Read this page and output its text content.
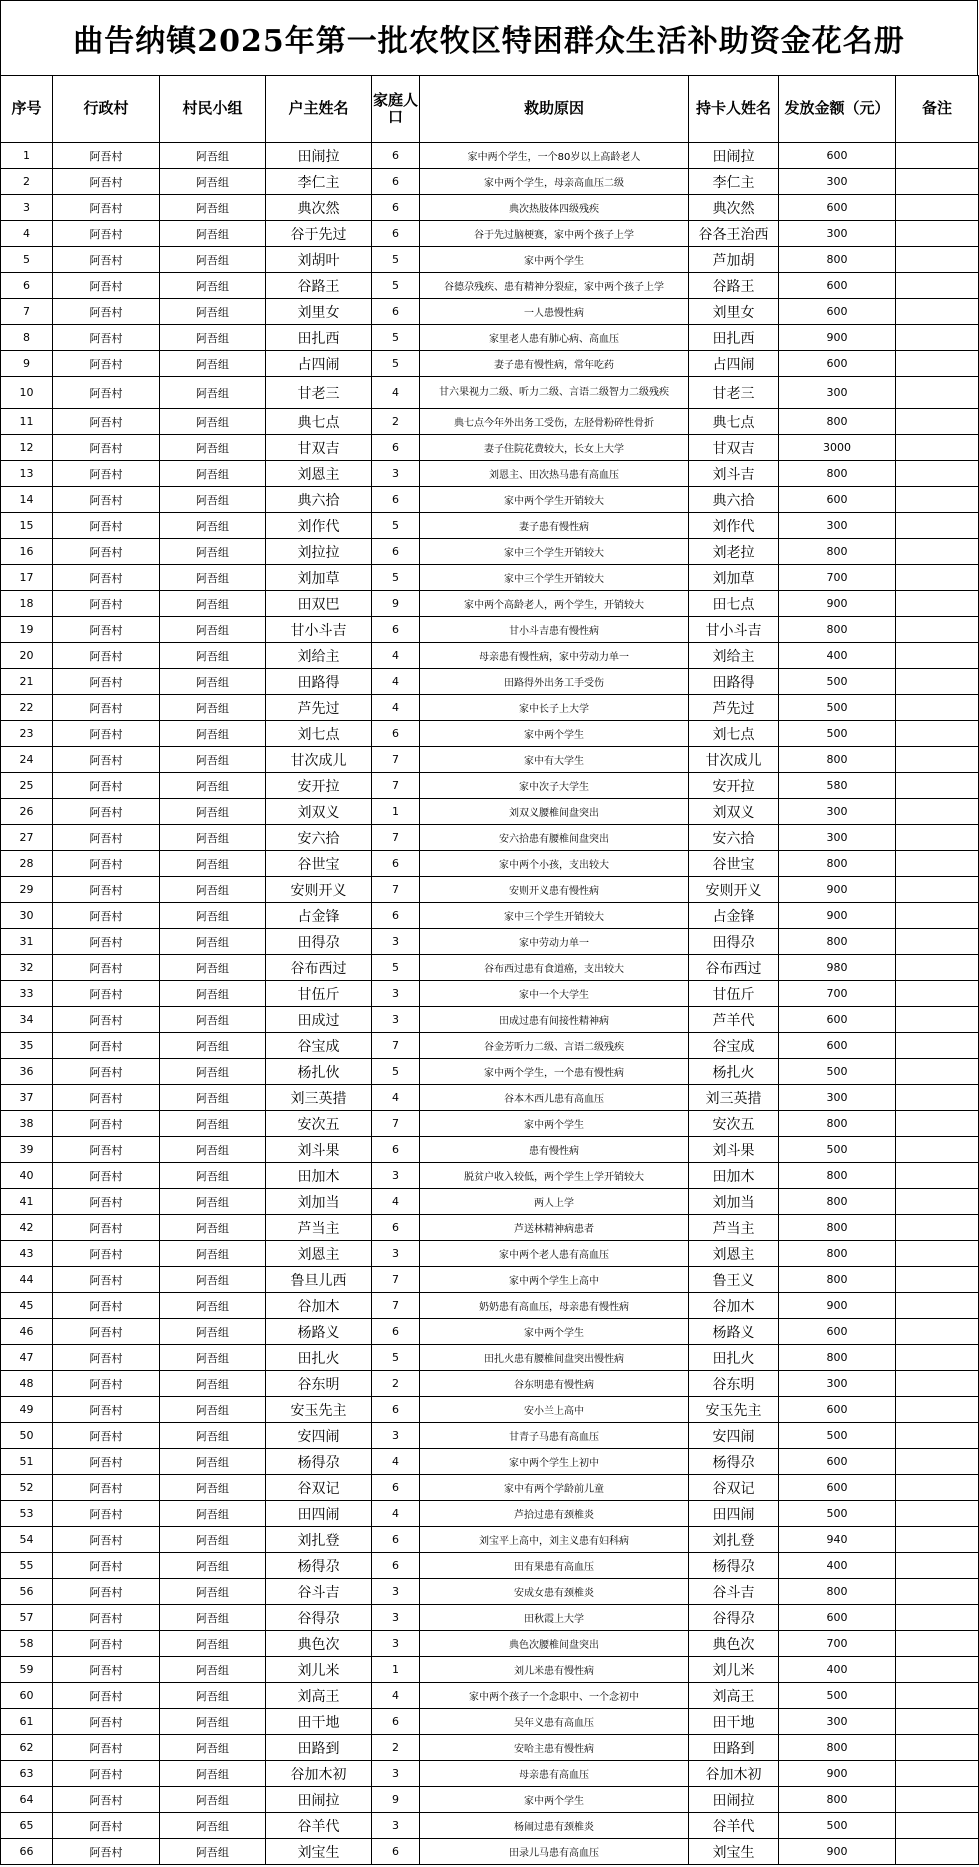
曲告纳镇2025年第一批农牧区特困群众生活补助资金花名册
序号	行政村	村民小组	户主姓名	家庭人口	救助原因	持卡人姓名	发放金额（元）	备注
1	阿吾村	阿吾组	田闹拉	6	家中两个学生，一个80岁以上高龄老人	田闹拉	600	
2	阿吾村	阿吾组	李仁主	6	家中两个学生，母亲高血压二级	李仁主	300	
3	阿吾村	阿吾组	典次然	6	典次热肢体四级残疾	典次然	600	
4	阿吾村	阿吾组	谷于先过	6	谷于先过脑梗赛，家中两个孩子上学	谷各王治西	300	
5	阿吾村	阿吾组	刘胡叶	5	家中两个学生	芦加胡	800	
6	阿吾村	阿吾组	谷路王	5	谷德尕残疾、患有精神分裂症，家中两个孩子上学	谷路王	600	
7	阿吾村	阿吾组	刘里女	6	一人患慢性病	刘里女	600	
8	阿吾村	阿吾组	田扎西	5	家里老人患有肺心病、高血压	田扎西	900	
9	阿吾村	阿吾组	占四闹	5	妻子患有慢性病，常年吃药	占四闹	600	
10	阿吾村	阿吾组	甘老三	4	甘六果视力二级、听力二级、言语二级智力二级残疾	甘老三	300	
11	阿吾村	阿吾组	典七点	2	典七点今年外出务工受伤，左胫骨粉碎性骨折	典七点	800	
12	阿吾村	阿吾组	甘双吉	6	妻子住院花费较大，长女上大学	甘双吉	3000	
13	阿吾村	阿吾组	刘恩主	3	刘恩主、田次热马患有高血压	刘斗吉	800	
14	阿吾村	阿吾组	典六拾	6	家中两个学生开销较大	典六拾	600	
15	阿吾村	阿吾组	刘作代	5	妻子患有慢性病	刘作代	300	
16	阿吾村	阿吾组	刘拉拉	6	家中三个学生开销较大	刘老拉	800	
17	阿吾村	阿吾组	刘加草	5	家中三个学生开销较大	刘加草	700	
18	阿吾村	阿吾组	田双巴	9	家中两个高龄老人，两个学生，开销较大	田七点	900	
19	阿吾村	阿吾组	甘小斗吉	6	甘小斗吉患有慢性病	甘小斗吉	800	
20	阿吾村	阿吾组	刘给主	4	母亲患有慢性病，家中劳动力单一	刘给主	400	
21	阿吾村	阿吾组	田路得	4	田路得外出务工手受伤	田路得	500	
22	阿吾村	阿吾组	芦先过	4	家中长子上大学	芦先过	500	
23	阿吾村	阿吾组	刘七点	6	家中两个学生	刘七点	500	
24	阿吾村	阿吾组	甘次成儿	7	家中有大学生	甘次成儿	800	
25	阿吾村	阿吾组	安开拉	7	家中次子大学生	安开拉	580	
26	阿吾村	阿吾组	刘双义	1	刘双义腰椎间盘突出	刘双义	300	
27	阿吾村	阿吾组	安六拾	7	安六拾患有腰椎间盘突出	安六拾	300	
28	阿吾村	阿吾组	谷世宝	6	家中两个小孩，支出较大	谷世宝	800	
29	阿吾村	阿吾组	安则开义	7	安则开义患有慢性病	安则开义	900	
30	阿吾村	阿吾组	占金锋	6	家中三个学生开销较大	占金锋	900	
31	阿吾村	阿吾组	田得尕	3	家中劳动力单一	田得尕	800	
32	阿吾村	阿吾组	谷布西过	5	谷布西过患有食道癌，支出较大	谷布西过	980	
33	阿吾村	阿吾组	甘伍斤	3	家中一个大学生	甘伍斤	700	
34	阿吾村	阿吾组	田成过	3	田成过患有间接性精神病	芦羊代	600	
35	阿吾村	阿吾组	谷宝成	7	谷金芳听力二级、言语二级残疾	谷宝成	600	
36	阿吾村	阿吾组	杨扎伙	5	家中两个学生，一个患有慢性病	杨扎火	500	
37	阿吾村	阿吾组	刘三英措	4	谷本木西儿患有高血压	刘三英措	300	
38	阿吾村	阿吾组	安次五	7	家中两个学生	安次五	800	
39	阿吾村	阿吾组	刘斗果	6	患有慢性病	刘斗果	500	
40	阿吾村	阿吾组	田加木	3	脱贫户收入较低，两个学生上学开销较大	田加木	800	
41	阿吾村	阿吾组	刘加当	4	两人上学	刘加当	800	
42	阿吾村	阿吾组	芦当主	6	芦送林精神病患者	芦当主	800	
43	阿吾村	阿吾组	刘恩主	3	家中两个老人患有高血压	刘恩主	800	
44	阿吾村	阿吾组	鲁旦儿西	7	家中两个学生上高中	鲁王义	800	
45	阿吾村	阿吾组	谷加木	7	奶奶患有高血压，母亲患有慢性病	谷加木	900	
46	阿吾村	阿吾组	杨路义	6	家中两个学生	杨路义	600	
47	阿吾村	阿吾组	田扎火	5	田扎火患有腰椎间盘突出慢性病	田扎火	800	
48	阿吾村	阿吾组	谷东明	2	谷东明患有慢性病	谷东明	300	
49	阿吾村	阿吾组	安玉先主	6	安小兰上高中	安玉先主	600	
50	阿吾村	阿吾组	安四闹	3	甘青子马患有高血压	安四闹	500	
51	阿吾村	阿吾组	杨得尕	4	家中两个学生上初中	杨得尕	600	
52	阿吾村	阿吾组	谷双记	6	家中有两个学龄前儿童	谷双记	600	
53	阿吾村	阿吾组	田四闹	4	芦拾过患有颈椎炎	田四闹	500	
54	阿吾村	阿吾组	刘扎登	6	刘宝平上高中，刘主义患有妇科病	刘扎登	940	
55	阿吾村	阿吾组	杨得尕	6	田有果患有高血压	杨得尕	400	
56	阿吾村	阿吾组	谷斗吉	3	安成女患有颈椎炎	谷斗吉	800	
57	阿吾村	阿吾组	谷得尕	3	田秋霞上大学	谷得尕	600	
58	阿吾村	阿吾组	典色次	3	典色次腰椎间盘突出	典色次	700	
59	阿吾村	阿吾组	刘儿米	1	刘儿米患有慢性病	刘儿米	400	
60	阿吾村	阿吾组	刘高王	4	家中两个孩子一个念职中、一个念初中	刘高王	500	
61	阿吾村	阿吾组	田干地	6	吴年义患有高血压	田干地	300	
62	阿吾村	阿吾组	田路到	2	安哈主患有慢性病	田路到	800	
63	阿吾村	阿吾组	谷加木初	3	母亲患有高血压	谷加木初	900	
64	阿吾村	阿吾组	田闹拉	9	家中两个学生	田闹拉	800	
65	阿吾村	阿吾组	谷羊代	3	杨闹过患有颈椎炎	谷羊代	500	
66	阿吾村	阿吾组	刘宝生	6	田录儿马患有高血压	刘宝生	900	
